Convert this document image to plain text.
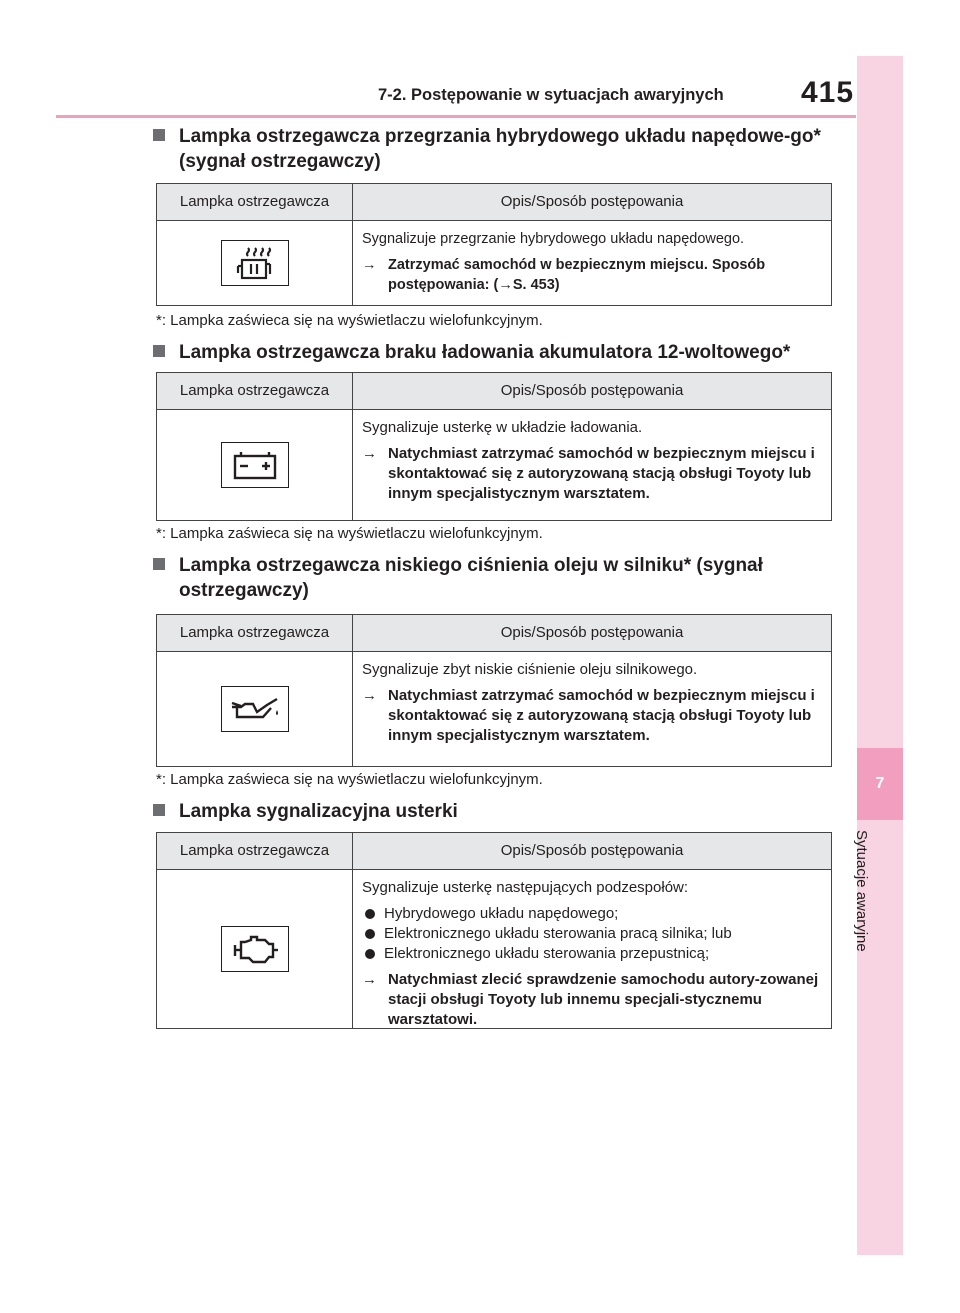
7-2. Postępowanie w sytuacjach awaryjnych	415
7
Sytuacje awaryjne
Lampka ostrzegawcza przegrzania hybrydowego układu napędowe-go* (sygnał ostrzegawczy)
Lampka ostrzegawcza	Opis/Sposób postępowania
Sygnalizuje przegrzanie hybrydowego układu napędowego.
→ Zatrzymać samochód w bezpiecznym miejscu. Sposób postępowania: (→S. 453)
*: Lampka zaświeca się na wyświetlaczu wielofunkcyjnym.
Lampka ostrzegawcza braku ładowania akumulatora 12-woltowego*
Lampka ostrzegawcza	Opis/Sposób postępowania
Sygnalizuje usterkę w układzie ładowania.
→ Natychmiast zatrzymać samochód w bezpiecznym miejscu i skontaktować się z autoryzowaną stacją obsługi Toyoty lub innym specjalistycznym warsztatem.
*: Lampka zaświeca się na wyświetlaczu wielofunkcyjnym.
Lampka ostrzegawcza niskiego ciśnienia oleju w silniku* (sygnał ostrzegawczy)
Lampka ostrzegawcza	Opis/Sposób postępowania
Sygnalizuje zbyt niskie ciśnienie oleju silnikowego.
→ Natychmiast zatrzymać samochód w bezpiecznym miejscu i skontaktować się z autoryzowaną stacją obsługi Toyoty lub innym specjalistycznym warsztatem.
*: Lampka zaświeca się na wyświetlaczu wielofunkcyjnym.
Lampka sygnalizacyjna usterki
Lampka ostrzegawcza	Opis/Sposób postępowania
Sygnalizuje usterkę następujących podzespołów:
Hybrydowego układu napędowego;
Elektronicznego układu sterowania pracą silnika; lub
Elektronicznego układu sterowania przepustnicą;
→ Natychmiast zlecić sprawdzenie samochodu autory-zowanej stacji obsługi Toyoty lub innemu specjali-stycznemu warsztatowi.
